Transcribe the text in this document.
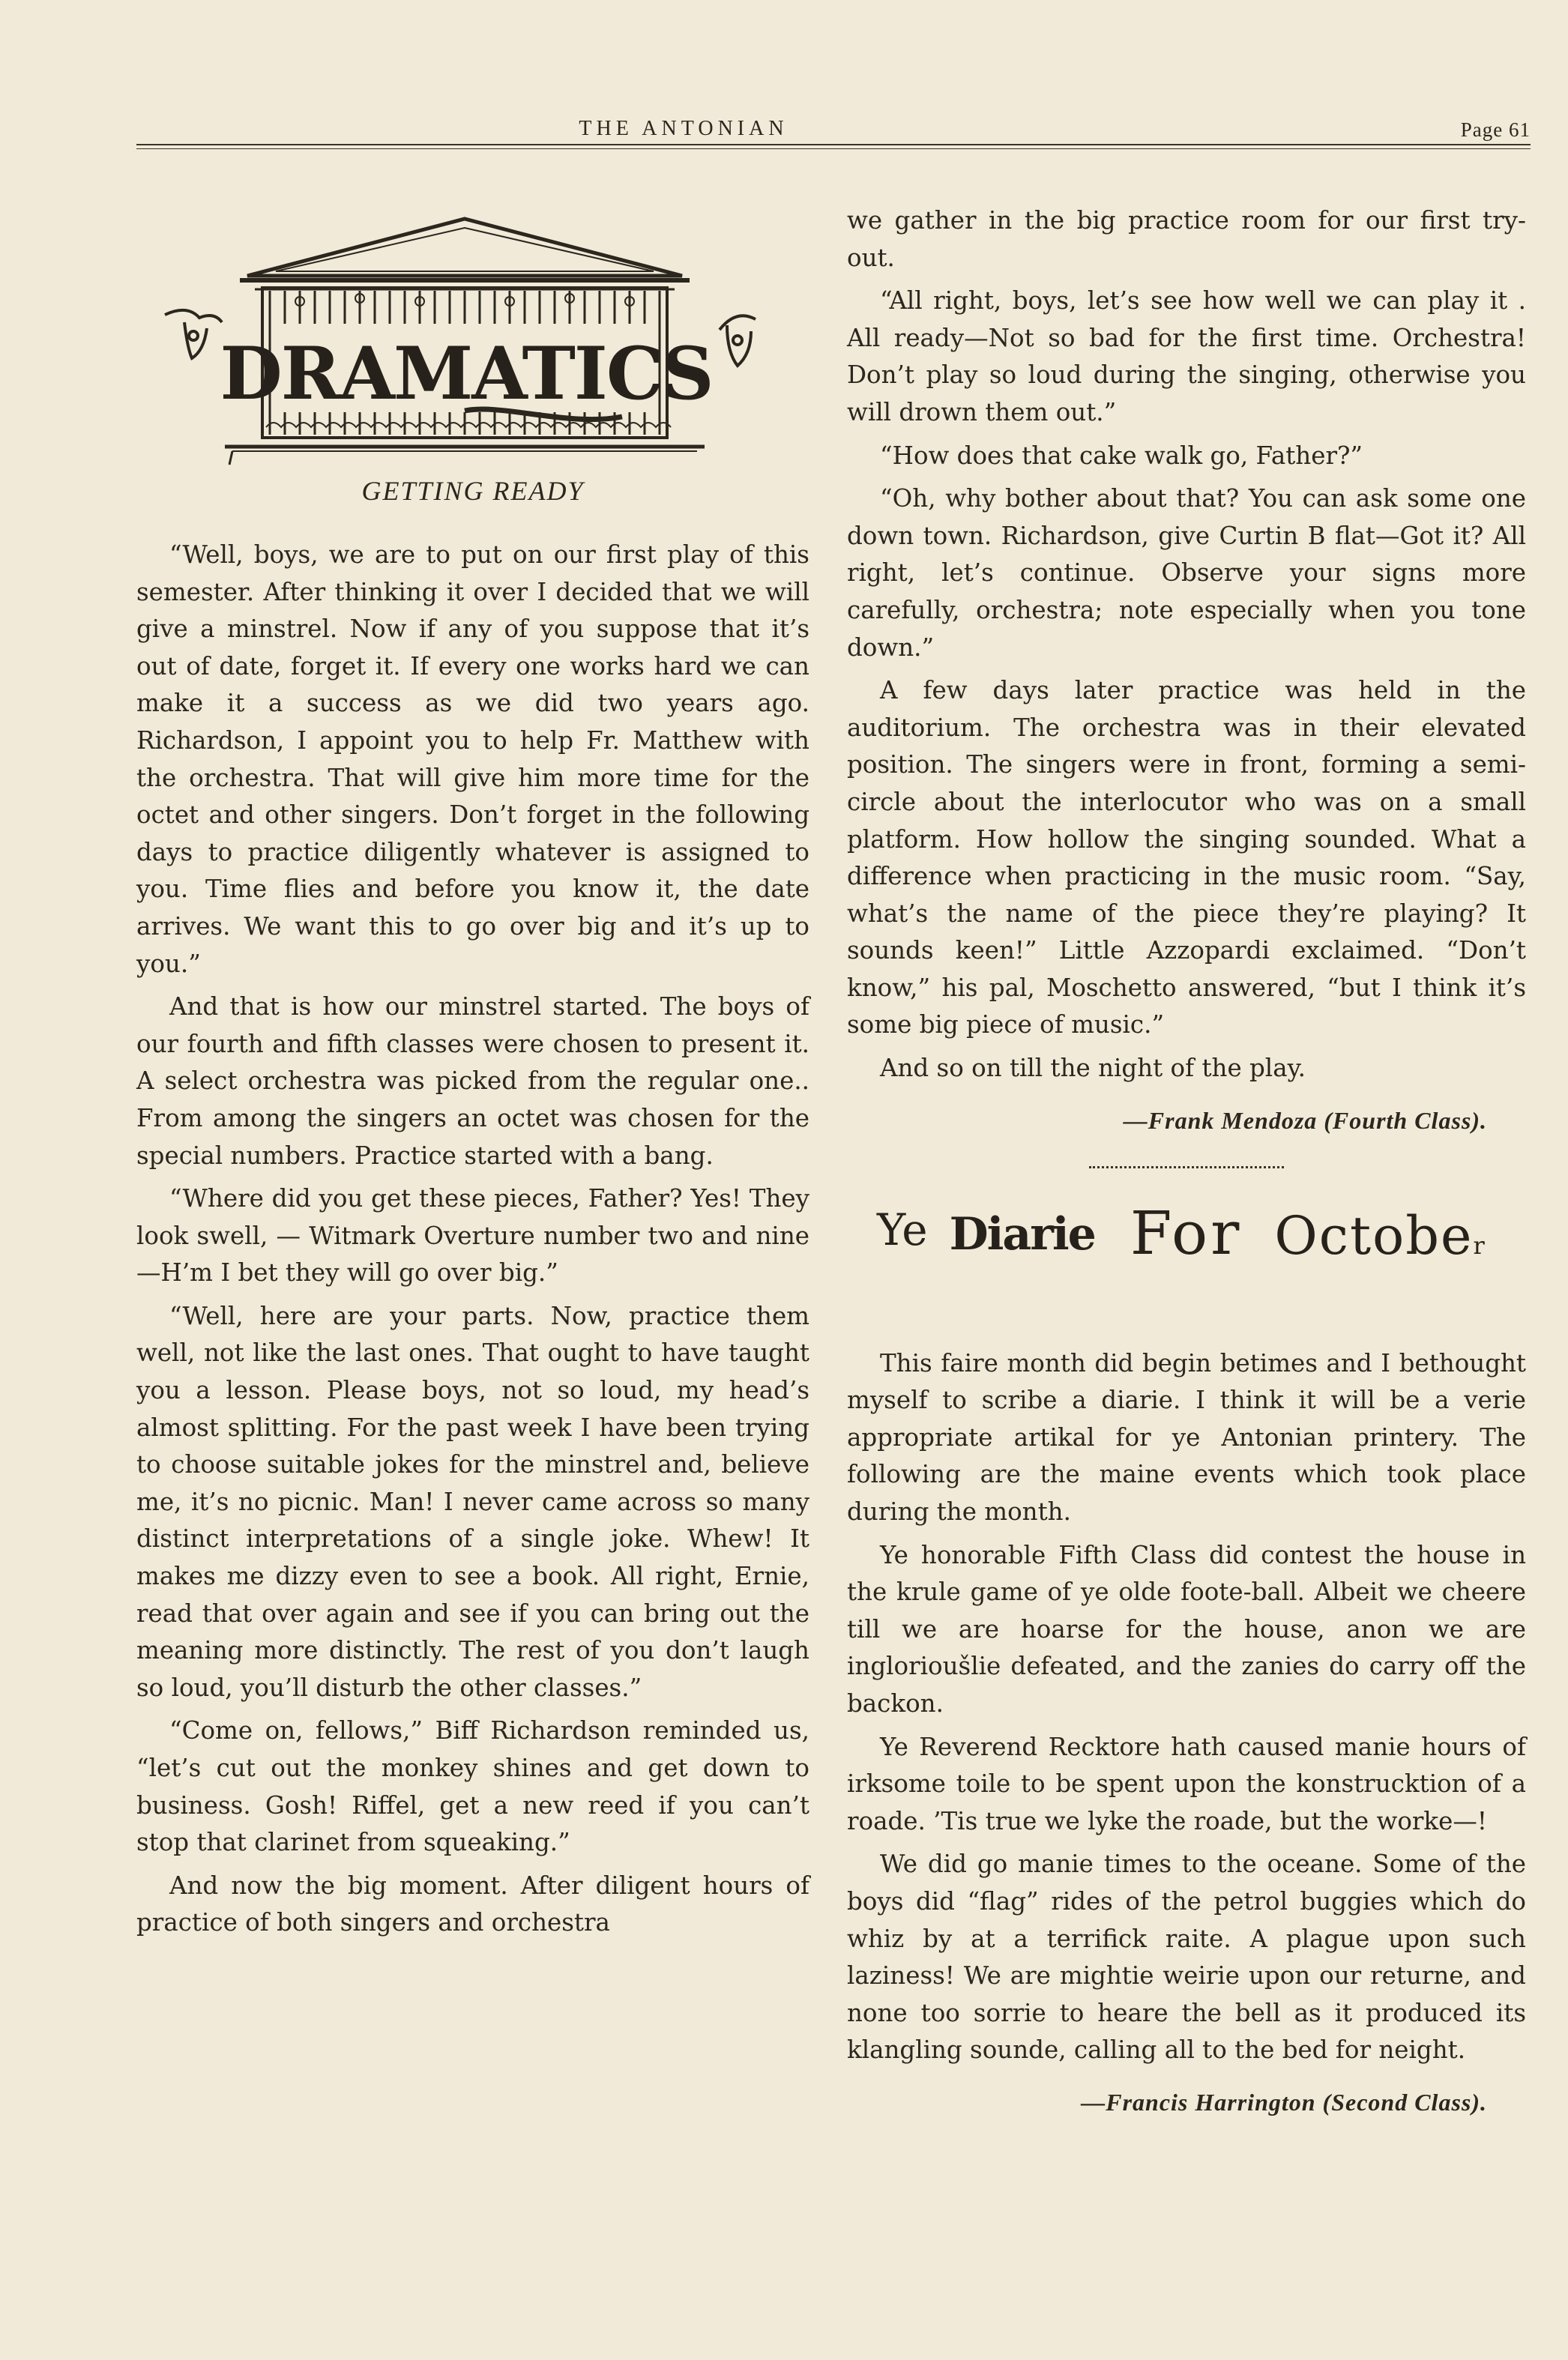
THE ANTONIAN	Page 61
DRAMATICS
GETTING READY

“Well, boys, we are to put on our first play of this semester. After thinking it over I decided that we will give a minstrel. Now if any of you suppose that it’s out of date, forget it. If every one works hard we can make it a success as we did two years ago. Richardson, I appoint you to help Fr. Matthew with the orchestra. That will give him more time for the octet and other singers. Don’t forget in the following days to practice diligently whatever is assigned to you. Time flies and before you know it, the date arrives. We want this to go over big and it’s up to you.”

And that is how our minstrel started. The boys of our fourth and fifth classes were chosen to present it. A select orchestra was picked from the regular one.. From among the singers an octet was chosen for the special numbers. Practice started with a bang.

“Where did you get these pieces, Father? Yes! They look swell, — Witmark Overture number two and nine—H’m I bet they will go over big.”

“Well, here are your parts. Now, practice them well, not like the last ones. That ought to have taught you a lesson. Please boys, not so loud, my head’s almost splitting. For the past week I have been trying to choose suitable jokes for the minstrel and, believe me, it’s no picnic. Man! I never came across so many distinct interpretations of a single joke. Whew! It makes me dizzy even to see a book. All right, Ernie, read that over again and see if you can bring out the meaning more distinctly. The rest of you don’t laugh so loud, you’ll disturb the other classes.”

“Come on, fellows,” Biff Richardson reminded us, “let’s cut out the monkey shines and get down to business. Gosh! Riffel, get a new reed if you can’t stop that clarinet from squeaking.”

And now the big moment. After diligent hours of practice of both singers and orchestra

we gather in the big practice room for our first try-out.

“All right, boys, let’s see how well we can play it . All ready—Not so bad for the first time. Orchestra! Don’t play so loud during the singing, otherwise you will drown them out.”

“How does that cake walk go, Father?”

“Oh, why bother about that? You can ask some one down town. Richardson, give Curtin B flat—Got it? All right, let’s continue. Observe your signs more carefully, orchestra; note especially when you tone down.”

A few days later practice was held in the auditorium. The orchestra was in their elevated position. The singers were in front, forming a semi-circle about the interlocutor who was on a small platform. How hollow the singing sounded. What a difference when practicing in the music room. “Say, what’s the name of the piece they’re playing? It sounds keen!” Little Azzopardi exclaimed. “Don’t know,” his pal, Moschetto answered, “but I think it’s some big piece of music.”

And so on till the night of the play.

—Frank Mendoza (Fourth Class).
Ye Diarie For October

This faire month did begin betimes and I bethought myself to scribe a diarie. I think it will be a verie appropriate artikal for ye Antonian printery. The following are the maine events which took place during the month.

Ye honorable Fifth Class did contest the house in the krule game of ye olde foote-ball. Albeit we cheere till we are hoarse for the house, anon we are inglorioušlie defeated, and the zanies do carry off the backon.

Ye Reverend Recktore hath caused manie hours of irksome toile to be spent upon the konstrucktion of a roade. ’Tis true we lyke the roade, but the worke—!

We did go manie times to the oceane. Some of the boys did “flag” rides of the petrol buggies which do whiz by at a terrifick raite. A plague upon such laziness! We are mightie weirie upon our returne, and none too sorrie to heare the bell as it produced its klangling sounde, calling all to the bed for neight.

—Francis Harrington (Second Class).
